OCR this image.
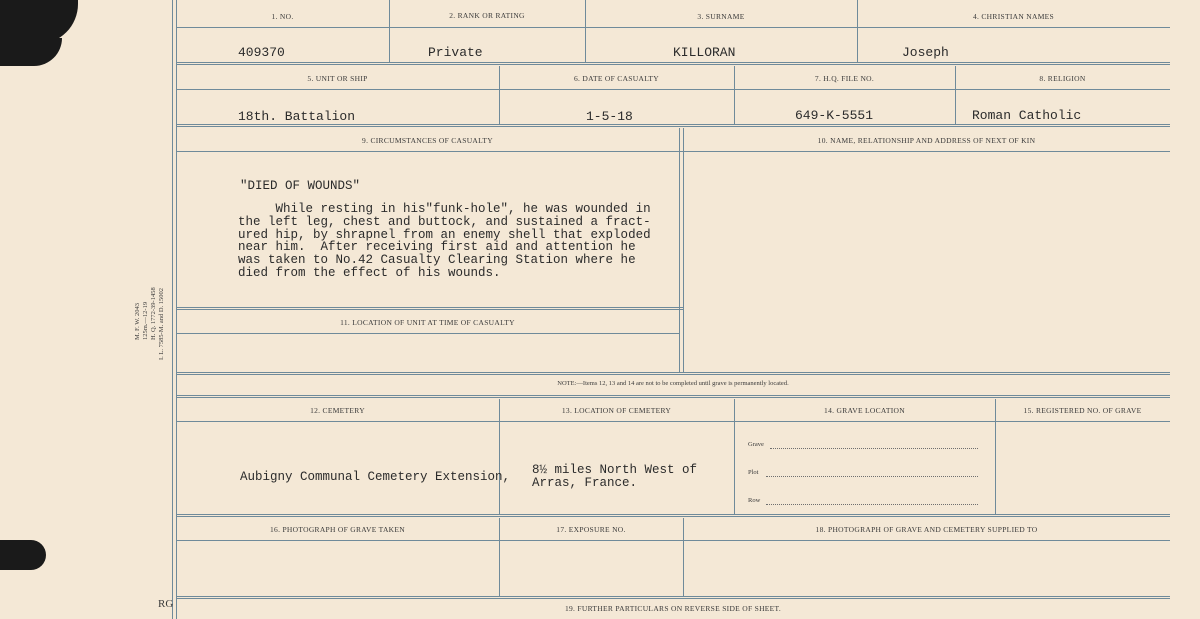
M. F. W. 2043 125m.—12-19 H. Q. 1772-39-1458 I. L. 7585-M. and D. 15002
RG
1. NO.	2. RANK OR RATING	3. SURNAME	4. CHRISTIAN NAMES
409370	Private	KILLORAN	Joseph
5. UNIT OR SHIP	6. DATE OF CASUALTY	7. H.Q. FILE NO.	8. RELIGION
18th. Battalion	1-5-18	649-K-5551	Roman Catholic
9. CIRCUMSTANCES OF CASUALTY	10. NAME, RELATIONSHIP AND ADDRESS OF NEXT OF KIN
"DIED OF WOUNDS"
While resting in his"funk-hole", he was wounded in
the left leg, chest and buttock, and sustained a fract-
ured hip, by shrapnel from an enemy shell that exploded
near him.  After receiving first aid and attention he
was taken to No.42 Casualty Clearing Station where he
died from the effect of his wounds.
11. LOCATION OF UNIT AT TIME OF CASUALTY
NOTE:—Items 12, 13 and 14 are not to be completed until grave is permanently located.
12. CEMETERY	13. LOCATION OF CEMETERY	14. GRAVE LOCATION	15. REGISTERED NO. OF GRAVE
Aubigny Communal Cemetery Extension, 8½ miles North West of
Arras, France.
Grave
Plot
Row
16. PHOTOGRAPH OF GRAVE TAKEN	17. EXPOSURE NO.	18. PHOTOGRAPH OF GRAVE AND CEMETERY SUPPLIED TO
19. FURTHER PARTICULARS ON REVERSE SIDE OF SHEET.
